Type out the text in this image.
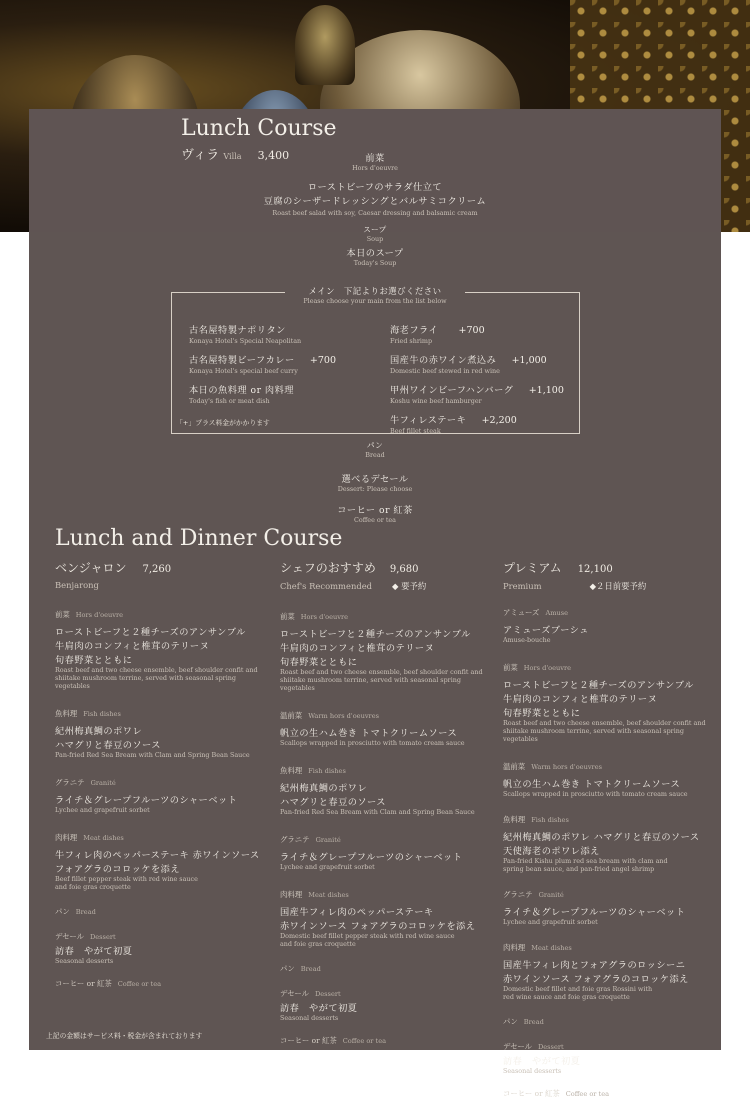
Lunch Course
ヴィラ Villa 3,400	前菜
Hors d'oeuvre
ローストビーフのサラダ仕立て
豆腐のシーザードレッシングとバルサミコクリーム
Roast beef salad with soy, Caesar dressing and balsamic cream
スープ
Soup
本日のスープ
Today's Soup
メイン　下記よりお選びください
Please choose your main from the list below
古名屋特製ナポリタン
Konaya Hotel's Special Neapolitan
古名屋特製ビーフカレー +700
Konaya Hotel's special beef curry
本日の魚料理 or 肉料理
Today's fish or meat dish
海老フライ +700
Fried shrimp
国産牛の赤ワイン煮込み +1,000
Domestic beef stewed in red wine
甲州ワインビーフハンバーグ +1,100
Koshu wine beef hamburger
牛フィレステーキ +2,200
Beef fillet steak
「+」プラス料金がかかります
パン
Bread
選べるデセール
Dessert: Please choose
コーヒー or 紅茶
Coffee or tea
Lunch and Dinner Course
ベンジャロン 7,260
Benjarong
前菜 Hors d'oeuvre
ローストビーフと２種チーズのアンサンブル
牛肩肉のコンフィと椎茸のテリーヌ
旬春野菜とともに
Roast beef and two cheese ensemble, beef shoulder confit and
shiitake mushroom terrine, served with seasonal spring vegetables
魚料理 Fish dishes
紀州梅真鯛のポワレ
ハマグリと春豆のソース
Pan-fried Red Sea Bream with Clam and Spring Bean Sauce
グラニテ Granité
ライチ＆グレープフルーツのシャーベット
Lychee and grapefruit sorbet
肉料理 Meat dishes
牛フィレ肉のペッパーステーキ 赤ワインソース
フォアグラのコロッケを添え
Beef fillet pepper steak with red wine sauce
and foie gras croquette
パン Bread
デセール Dessert
訪春　やがて初夏
Seasonal desserts
コーヒー or 紅茶 Coffee or tea
シェフのおすすめ 9,680
Chef's Recommended ◆ 要予約
前菜 Hors d'oeuvre
ローストビーフと２種チーズのアンサンブル
牛肩肉のコンフィと椎茸のテリーヌ
旬春野菜とともに
Roast beef and two cheese ensemble, beef shoulder confit and
shiitake mushroom terrine, served with seasonal spring vegetables
温前菜 Warm hors d'oeuvres
帆立の生ハム巻き トマトクリームソース
Scallops wrapped in prosciutto with tomato cream sauce
魚料理 Fish dishes
紀州梅真鯛のポワレ
ハマグリと春豆のソース
Pan-fried Red Sea Bream with Clam and Spring Bean Sauce
グラニテ Granité
ライチ＆グレープフルーツのシャーベット
Lychee and grapefruit sorbet
肉料理 Meat dishes
国産牛フィレ肉のペッパーステーキ
赤ワインソース フォアグラのコロッケを添え
Domestic beef fillet pepper steak with red wine sauce
and foie gras croquette
パン Bread
デセール Dessert
訪春　やがて初夏
Seasonal desserts
コーヒー or 紅茶 Coffee or tea
プレミアム 12,100
Premium	◆２日前要予約
アミューズ Amuse
アミューズブーシュ
Amuse-bouche
前菜 Hors d'oeuvre
ローストビーフと２種チーズのアンサンブル
牛肩肉のコンフィと椎茸のテリーヌ
旬春野菜とともに
Roast beef and two cheese ensemble, beef shoulder confit and
shiitake mushroom terrine, served with seasonal spring vegetables
温前菜 Warm hors d'oeuvres
帆立の生ハム巻き トマトクリームソース
Scallops wrapped in prosciutto with tomato cream sauce
魚料理 Fish dishes
紀州梅真鯛のポワレ ハマグリと春豆のソース
天使海老のポワレ添え
Pan-fried Kishu plum red sea bream with clam and
spring bean sauce, and pan-fried angel shrimp
グラニテ Granité
ライチ＆グレープフルーツのシャーベット
Lychee and grapefruit sorbet
肉料理 Meat dishes
国産牛フィレ肉とフォアグラのロッシーニ
赤ワインソース フォアグラのコロッケ添え
Domestic beef fillet and foie gras Rossini with
red wine sauce and foie gras croquette
パン Bread
デセール Dessert
訪春　やがて初夏
Seasonal desserts
コーヒー or 紅茶 Coffee or tea
上記の金額はサービス料・税金が含まれております
